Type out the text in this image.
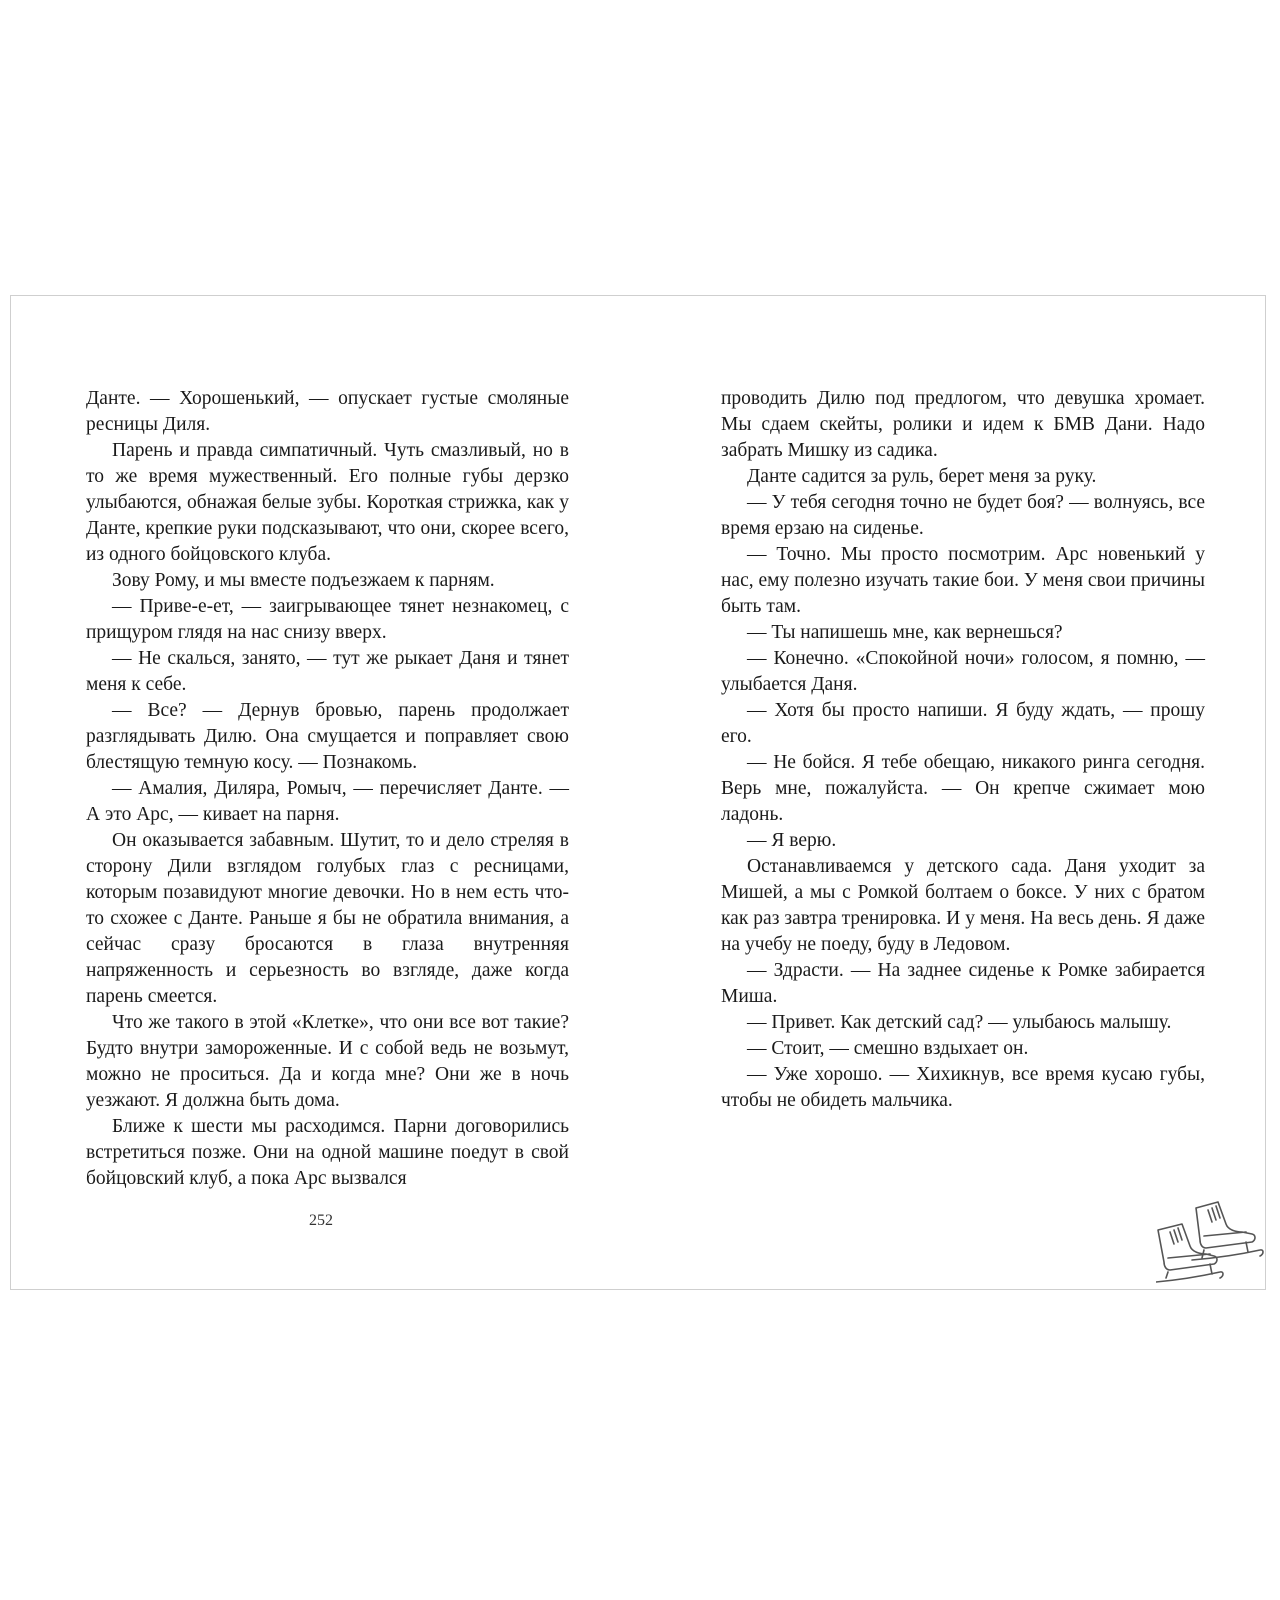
Данте. — Хорошенький, — опускает густые смоляные ресницы Диля.

Парень и правда симпатичный. Чуть смазливый, но в то же время мужественный. Его полные губы дерзко улыбаются, обнажая белые зубы. Короткая стрижка, как у Данте, крепкие руки подсказывают, что они, скорее всего, из одного бойцовского клуба.

Зову Рому, и мы вместе подъезжаем к парням.

— Приве-е-ет, — заигрывающее тянет незнакомец, с прищуром глядя на нас снизу вверх.

— Не скалься, занято, — тут же рыкает Даня и тянет меня к себе.

— Все? — Дернув бровью, парень продолжает разглядывать Дилю. Она смущается и поправляет свою блестящую темную косу. — Познакомь.

— Амалия, Диляра, Ромыч, — перечисляет Данте. — А это Арс, — кивает на парня.

Он оказывается забавным. Шутит, то и дело стреляя в сторону Дили взглядом голубых глаз с ресницами, которым позавидуют многие девочки. Но в нем есть что-то схожее с Данте. Раньше я бы не обратила внимания, а сейчас сразу бросаются в глаза внутренняя напряженность и серьезность во взгляде, даже когда парень смеется.

Что же такого в этой «Клетке», что они все вот такие? Будто внутри замороженные. И с собой ведь не возьмут, можно не проситься. Да и когда мне? Они же в ночь уезжают. Я должна быть дома.

Ближе к шести мы расходимся. Парни договорились встретиться позже. Они на одной машине поедут в свой бойцовский клуб, а пока Арс вызвался

252

проводить Дилю под предлогом, что девушка хромает. Мы сдаем скейты, ролики и идем к БМВ Дани. Надо забрать Мишку из садика.

Данте садится за руль, берет меня за руку.

— У тебя сегодня точно не будет боя? — волнуясь, все время ерзаю на сиденье.

— Точно. Мы просто посмотрим. Арс новенький у нас, ему полезно изучать такие бои. У меня свои причины быть там.

— Ты напишешь мне, как вернешься?

— Конечно. «Спокойной ночи» голосом, я помню, — улыбается Даня.

— Хотя бы просто напиши. Я буду ждать, — прошу его.

— Не бойся. Я тебе обещаю, никакого ринга сегодня. Верь мне, пожалуйста. — Он крепче сжимает мою ладонь.

— Я верю.

Останавливаемся у детского сада. Даня уходит за Мишей, а мы с Ромкой болтаем о боксе. У них с братом как раз завтра тренировка. И у меня. На весь день. Я даже на учебу не поеду, буду в Ледовом.

— Здрасти. — На заднее сиденье к Ромке забирается Миша.

— Привет. Как детский сад? — улыбаюсь малышу.

— Стоит, — смешно вздыхает он.

— Уже хорошо. — Хихикнув, все время кусаю губы, чтобы не обидеть мальчика.
